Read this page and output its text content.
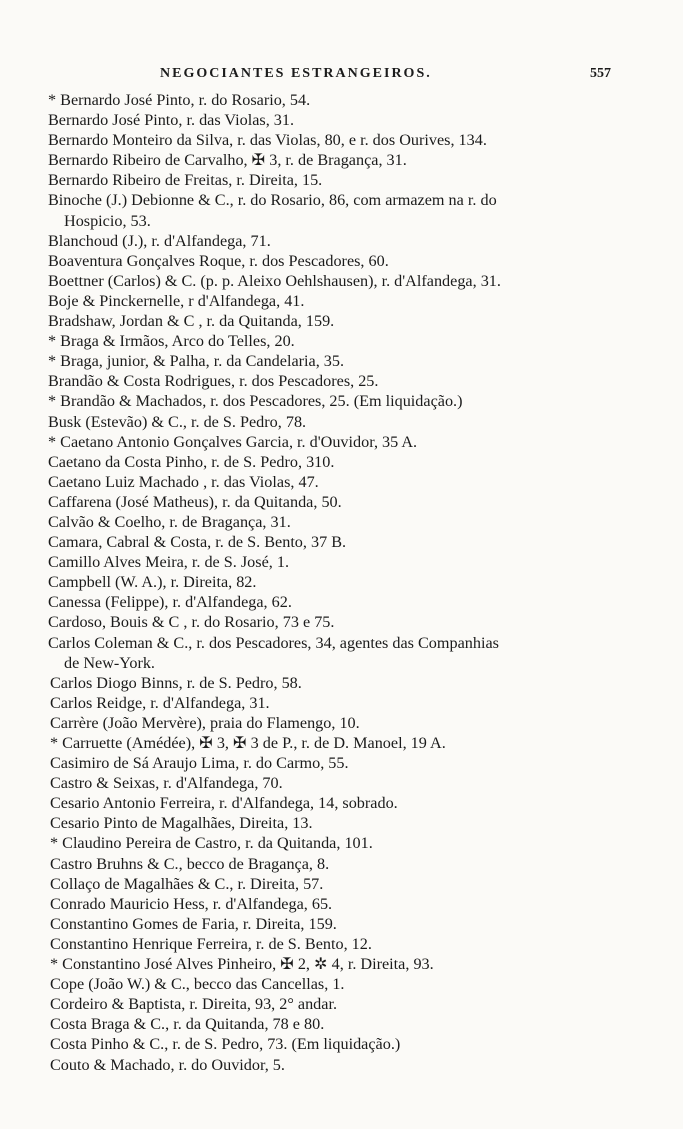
NEGOCIANTES ESTRANGEIROS.	557
* Bernardo José Pinto, r. do Rosario, 54.
Bernardo José Pinto, r. das Violas, 31.
Bernardo Monteiro da Silva, r. das Violas, 80, e r. dos Ourives, 134.
Bernardo Ribeiro de Carvalho, ✠ 3, r. de Bragança, 31.
Bernardo Ribeiro de Freitas, r. Direita, 15.
Binoche (J.) Debionne & C., r. do Rosario, 86, com armazem na r. do
Hospicio, 53.
Blanchoud (J.), r. d'Alfandega, 71.
Boaventura Gonçalves Roque, r. dos Pescadores, 60.
Boettner (Carlos) & C. (p. p. Aleixo Oehlshausen), r. d'Alfandega, 31.
Boje & Pinckernelle, r d'Alfandega, 41.
Bradshaw, Jordan & C , r. da Quitanda, 159.
* Braga & Irmãos, Arco do Telles, 20.
* Braga, junior, & Palha, r. da Candelaria, 35.
Brandão & Costa Rodrigues, r. dos Pescadores, 25.
* Brandão & Machados, r. dos Pescadores, 25. (Em liquidação.)
Busk (Estevão) & C., r. de S. Pedro, 78.
* Caetano Antonio Gonçalves Garcia, r. d'Ouvidor, 35 A.
Caetano da Costa Pinho, r. de S. Pedro, 310.
Caetano Luiz Machado , r. das Violas, 47.
Caffarena (José Matheus), r. da Quitanda, 50.
Calvão & Coelho, r. de Bragança, 31.
Camara, Cabral & Costa, r. de S. Bento, 37 B.
Camillo Alves Meira, r. de S. José, 1.
Campbell (W. A.), r. Direita, 82.
Canessa (Felippe), r. d'Alfandega, 62.
Cardoso, Bouis & C , r. do Rosario, 73 e 75.
Carlos Coleman & C., r. dos Pescadores, 34, agentes das Companhias
de New-York.
Carlos Diogo Binns, r. de S. Pedro, 58.
Carlos Reidge, r. d'Alfandega, 31.
Carrère (João Mervère), praia do Flamengo, 10.
* Carruette (Amédée), ✠ 3, ✠ 3 de P., r. de D. Manoel, 19 A.
Casimiro de Sá Araujo Lima, r. do Carmo, 55.
Castro & Seixas, r. d'Alfandega, 70.
Cesario Antonio Ferreira, r. d'Alfandega, 14, sobrado.
Cesario Pinto de Magalhães, Direita, 13.
* Claudino Pereira de Castro, r. da Quitanda, 101.
Castro Bruhns & C., becco de Bragança, 8.
Collaço de Magalhães & C., r. Direita, 57.
Conrado Mauricio Hess, r. d'Alfandega, 65.
Constantino Gomes de Faria, r. Direita, 159.
Constantino Henrique Ferreira, r. de S. Bento, 12.
* Constantino José Alves Pinheiro, ✠ 2, ✲ 4, r. Direita, 93.
Cope (João W.) & C., becco das Cancellas, 1.
Cordeiro & Baptista, r. Direita, 93, 2° andar.
Costa Braga & C., r. da Quitanda, 78 e 80.
Costa Pinho & C., r. de S. Pedro, 73. (Em liquidação.)
Couto & Machado, r. do Ouvidor, 5.
